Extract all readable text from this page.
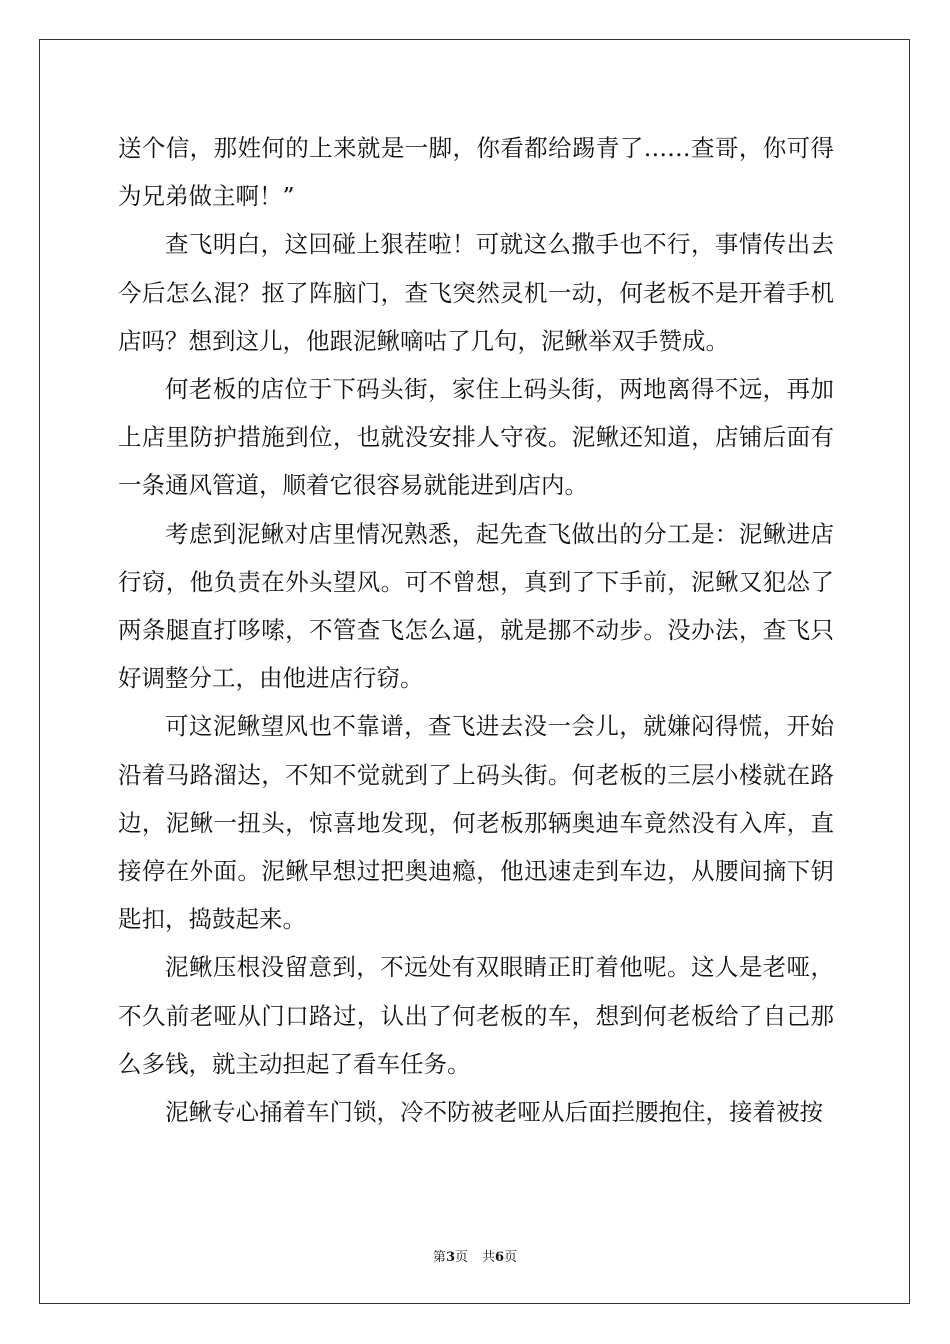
送个信，那姓何的上来就是一脚，你看都给踢青了……查哥，你可得为兄弟做主啊！”

查飞明白，这回碰上狠茬啦！可就这么撒手也不行，事情传出去今后怎么混？抠了阵脑门，查飞突然灵机一动，何老板不是开着手机店吗？想到这儿，他跟泥鳅嘀咕了几句，泥鳅举双手赞成。

何老板的店位于下码头街，家住上码头街，两地离得不远，再加上店里防护措施到位，也就没安排人守夜。泥鳅还知道，店铺后面有一条通风管道，顺着它很容易就能进到店内。

考虑到泥鳅对店里情况熟悉，起先查飞做出的分工是：泥鳅进店行窃，他负责在外头望风。可不曾想，真到了下手前，泥鳅又犯怂了两条腿直打哆嗦，不管查飞怎么逼，就是挪不动步。没办法，查飞只好调整分工，由他进店行窃。

可这泥鳅望风也不靠谱，查飞进去没一会儿，就嫌闷得慌，开始沿着马路溜达，不知不觉就到了上码头街。何老板的三层小楼就在路边，泥鳅一扭头，惊喜地发现，何老板那辆奥迪车竟然没有入库，直接停在外面。泥鳅早想过把奥迪瘾，他迅速走到车边，从腰间摘下钥匙扣，捣鼓起来。

泥鳅压根没留意到，不远处有双眼睛正盯着他呢。这人是老哑，不久前老哑从门口路过，认出了何老板的车，想到何老板给了自己那么多钱，就主动担起了看车任务。

泥鳅专心捅着车门锁，冷不防被老哑从后面拦腰抱住，接着被按

第3页 共6页
